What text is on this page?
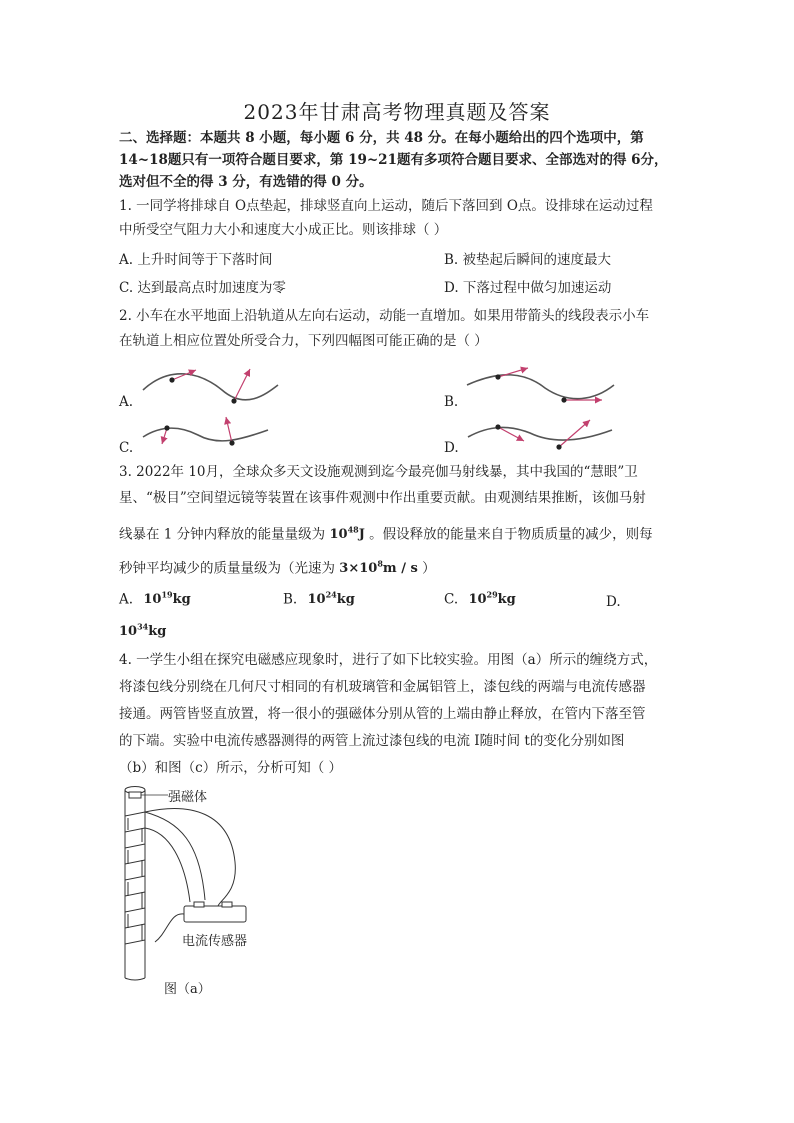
2023年甘肃高考物理真题及答案
二、选择题：本题共 8 小题，每小题 6 分，共 48 分。在每小题给出的四个选项中，第
14~18题只有一项符合题目要求，第 19~21题有多项符合题目要求、全部选对的得 6分，
选对但不全的得 3 分，有选错的得 0 分。
1. 一同学将排球自 O点垫起，排球竖直向上运动，随后下落回到 O点。设排球在运动过程
中所受空气阻力大小和速度大小成正比。则该排球（ ）
A. 上升时间等于下落时间	B. 被垫起后瞬间的速度最大
C. 达到最高点时加速度为零	D. 下落过程中做匀加速运动
2. 小车在水平地面上沿轨道从左向右运动，动能一直增加。如果用带箭头的线段表示小车
在轨道上相应位置处所受合力，下列四幅图可能正确的是（ ）
A.	B.
C.	D.
3. 2022年 10月，全球众多天文设施观测到迄今最亮伽马射线暴，其中我国的“慧眼”卫
星、“极目”空间望远镜等装置在该事件观测中作出重要贡献。由观测结果推断，该伽马射
线暴在 1 分钟内释放的能量量级为 $10^{48}J$ 。假设释放的能量来自于物质质量的减少，则每
秒钟平均减少的质量量级为（光速为 $3\times 10^8m / s$ ）
A. $10^{19}kg$	B. $10^{24}kg$	C. $10^{29}kg$	D.
$10^{34}kg$
4. 一学生小组在探究电磁感应现象时，进行了如下比较实验。用图（a）所示的缠绕方式，
将漆包线分别绕在几何尺寸相同的有机玻璃管和金属铝管上，漆包线的两端与电流传感器
接通。两管皆竖直放置，将一很小的强磁体分别从管的上端由静止释放，在管内下落至管
的下端。实验中电流传感器测得的两管上流过漆包线的电流 I随时间 t的变化分别如图
（b）和图（c）所示，分析可知（ ）
强磁体
电流传感器
图（a）
